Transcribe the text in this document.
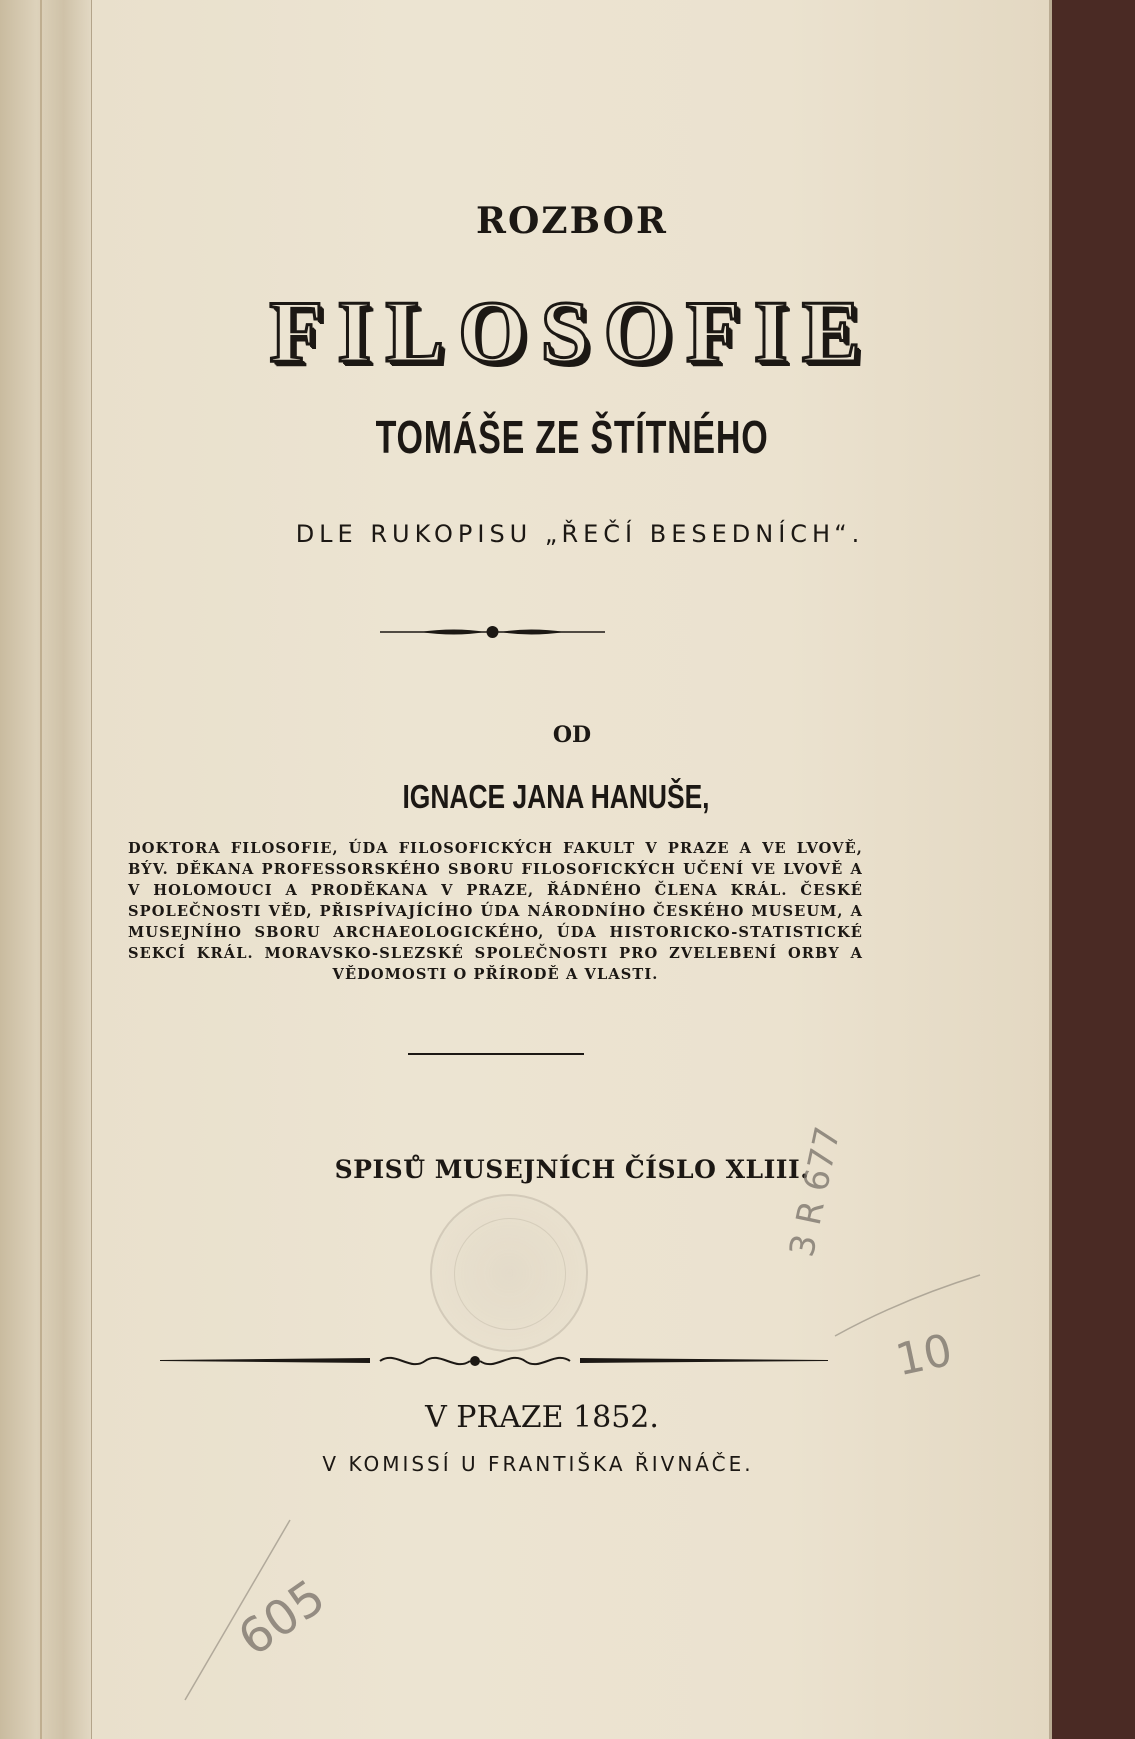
ROZBOR
FILOSOFIE
TOMÁŠE ZE ŠTÍTNÉHO
DLE RUKOPISU „ŘEČÍ BESEDNÍCH“.
OD
IGNACE JANA HANUŠE,
DOKTORA FILOSOFIE, ÚDA FILOSOFICKÝCH FAKULT V PRAZE A VE LVOVĚ, BÝV. DĚKANA PROFESSORSKÉHO SBORU FILOSOFICKÝCH UČENÍ VE LVOVĚ A V HOLOMOUCI A PRODĚKANA V PRAZE, ŘÁDNÉHO ČLENA KRÁL. ČESKÉ SPOLEČNOSTI VĚD, PŘISPÍVAJÍCÍHO ÚDA NÁRODNÍHO ČESKÉHO MUSEUM, A MUSEJNÍHO SBORU ARCHAEOLOGICKÉHO, ÚDA HISTORICKO-STATISTICKÉ SEKCÍ KRÁL. MORAVSKO-SLEZSKÉ SPOLEČNOSTI PRO ZVELEBENÍ ORBY A VĚDOMOSTI O PŘÍRODĚ A VLASTI.
SPISŮ MUSEJNÍCH ČÍSLO XLIII.
V PRAZE 1852.
V KOMISSÍ U FRANTIŠKA ŘIVNÁČE.
3 R 677
10
605
